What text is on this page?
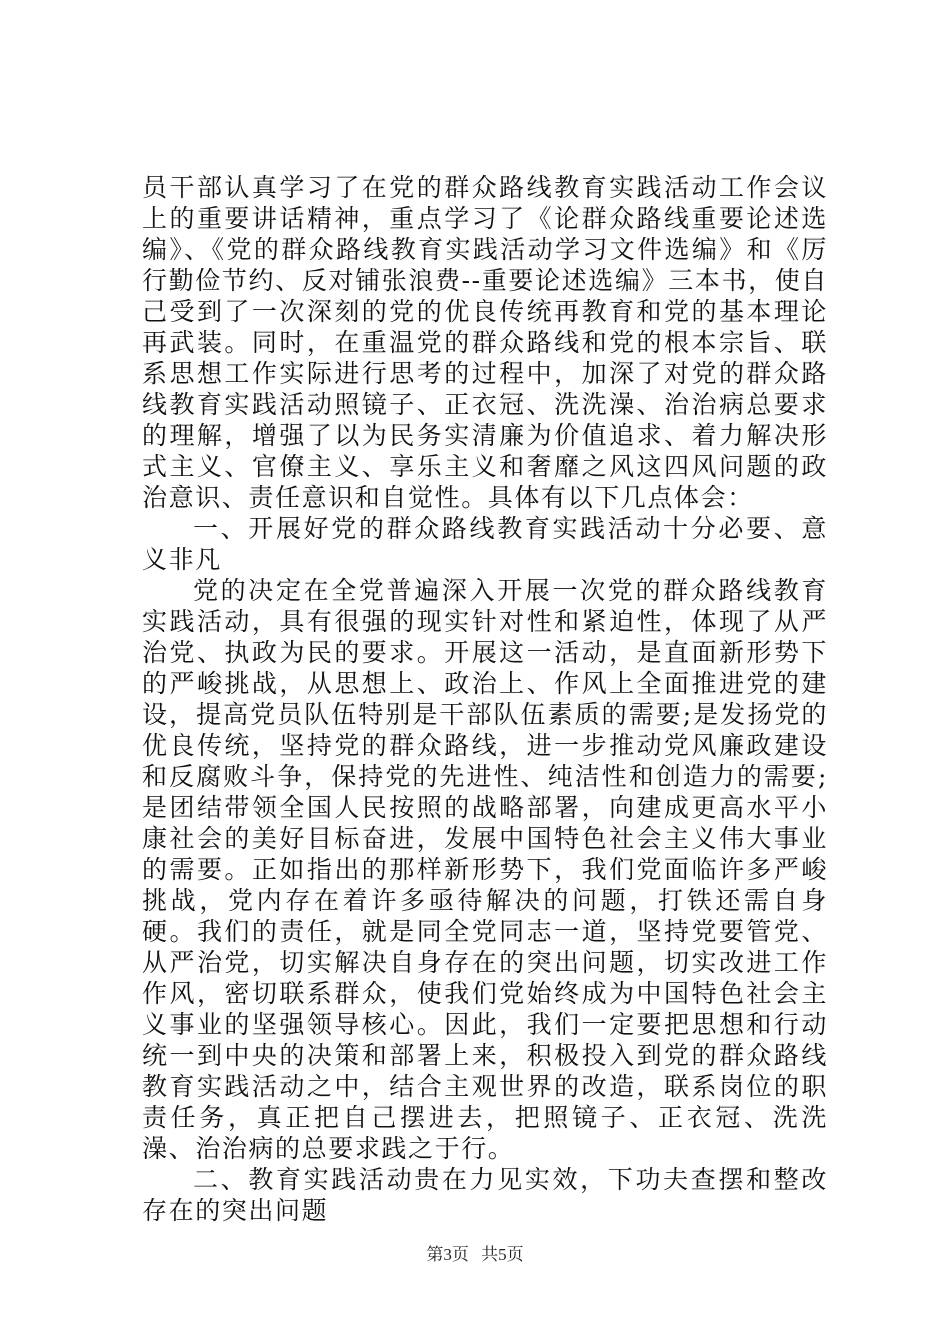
员干部认真学习了在党的群众路线教育实践活动工作会议上的重要讲话精神，重点学习了《论群众路线重要论述选编》、《党的群众路线教育实践活动学习文件选编》和《厉行勤俭节约、反对铺张浪费--重要论述选编》三本书，使自己受到了一次深刻的党的优良传统再教育和党的基本理论再武装。同时，在重温党的群众路线和党的根本宗旨、联系思想工作实际进行思考的过程中，加深了对党的群众路线教育实践活动照镜子、正衣冠、洗洗澡、治治病总要求的理解，增强了以为民务实清廉为价值追求、着力解决形式主义、官僚主义、享乐主义和奢靡之风这四风问题的政治意识、责任意识和自觉性。具体有以下几点体会：

一、开展好党的群众路线教育实践活动十分必要、意义非凡

党的决定在全党普遍深入开展一次党的群众路线教育实践活动，具有很强的现实针对性和紧迫性，体现了从严治党、执政为民的要求。开展这一活动，是直面新形势下的严峻挑战，从思想上、政治上、作风上全面推进党的建设，提高党员队伍特别是干部队伍素质的需要;是发扬党的优良传统，坚持党的群众路线，进一步推动党风廉政建设和反腐败斗争，保持党的先进性、纯洁性和创造力的需要;是团结带领全国人民按照的战略部署，向建成更高水平小康社会的美好目标奋进，发展中国特色社会主义伟大事业的需要。正如指出的那样新形势下，我们党面临许多严峻挑战，党内存在着许多亟待解决的问题，打铁还需自身硬。我们的责任，就是同全党同志一道，坚持党要管党、从严治党，切实解决自身存在的突出问题，切实改进工作作风，密切联系群众，使我们党始终成为中国特色社会主义事业的坚强领导核心。因此，我们一定要把思想和行动统一到中央的决策和部署上来，积极投入到党的群众路线教育实践活动之中，结合主观世界的改造，联系岗位的职责任务，真正把自己摆进去，把照镜子、正衣冠、洗洗澡、治治病的总要求践之于行。

二、教育实践活动贵在力见实效，下功夫查摆和整改存在的突出问题

第3页 共5页
